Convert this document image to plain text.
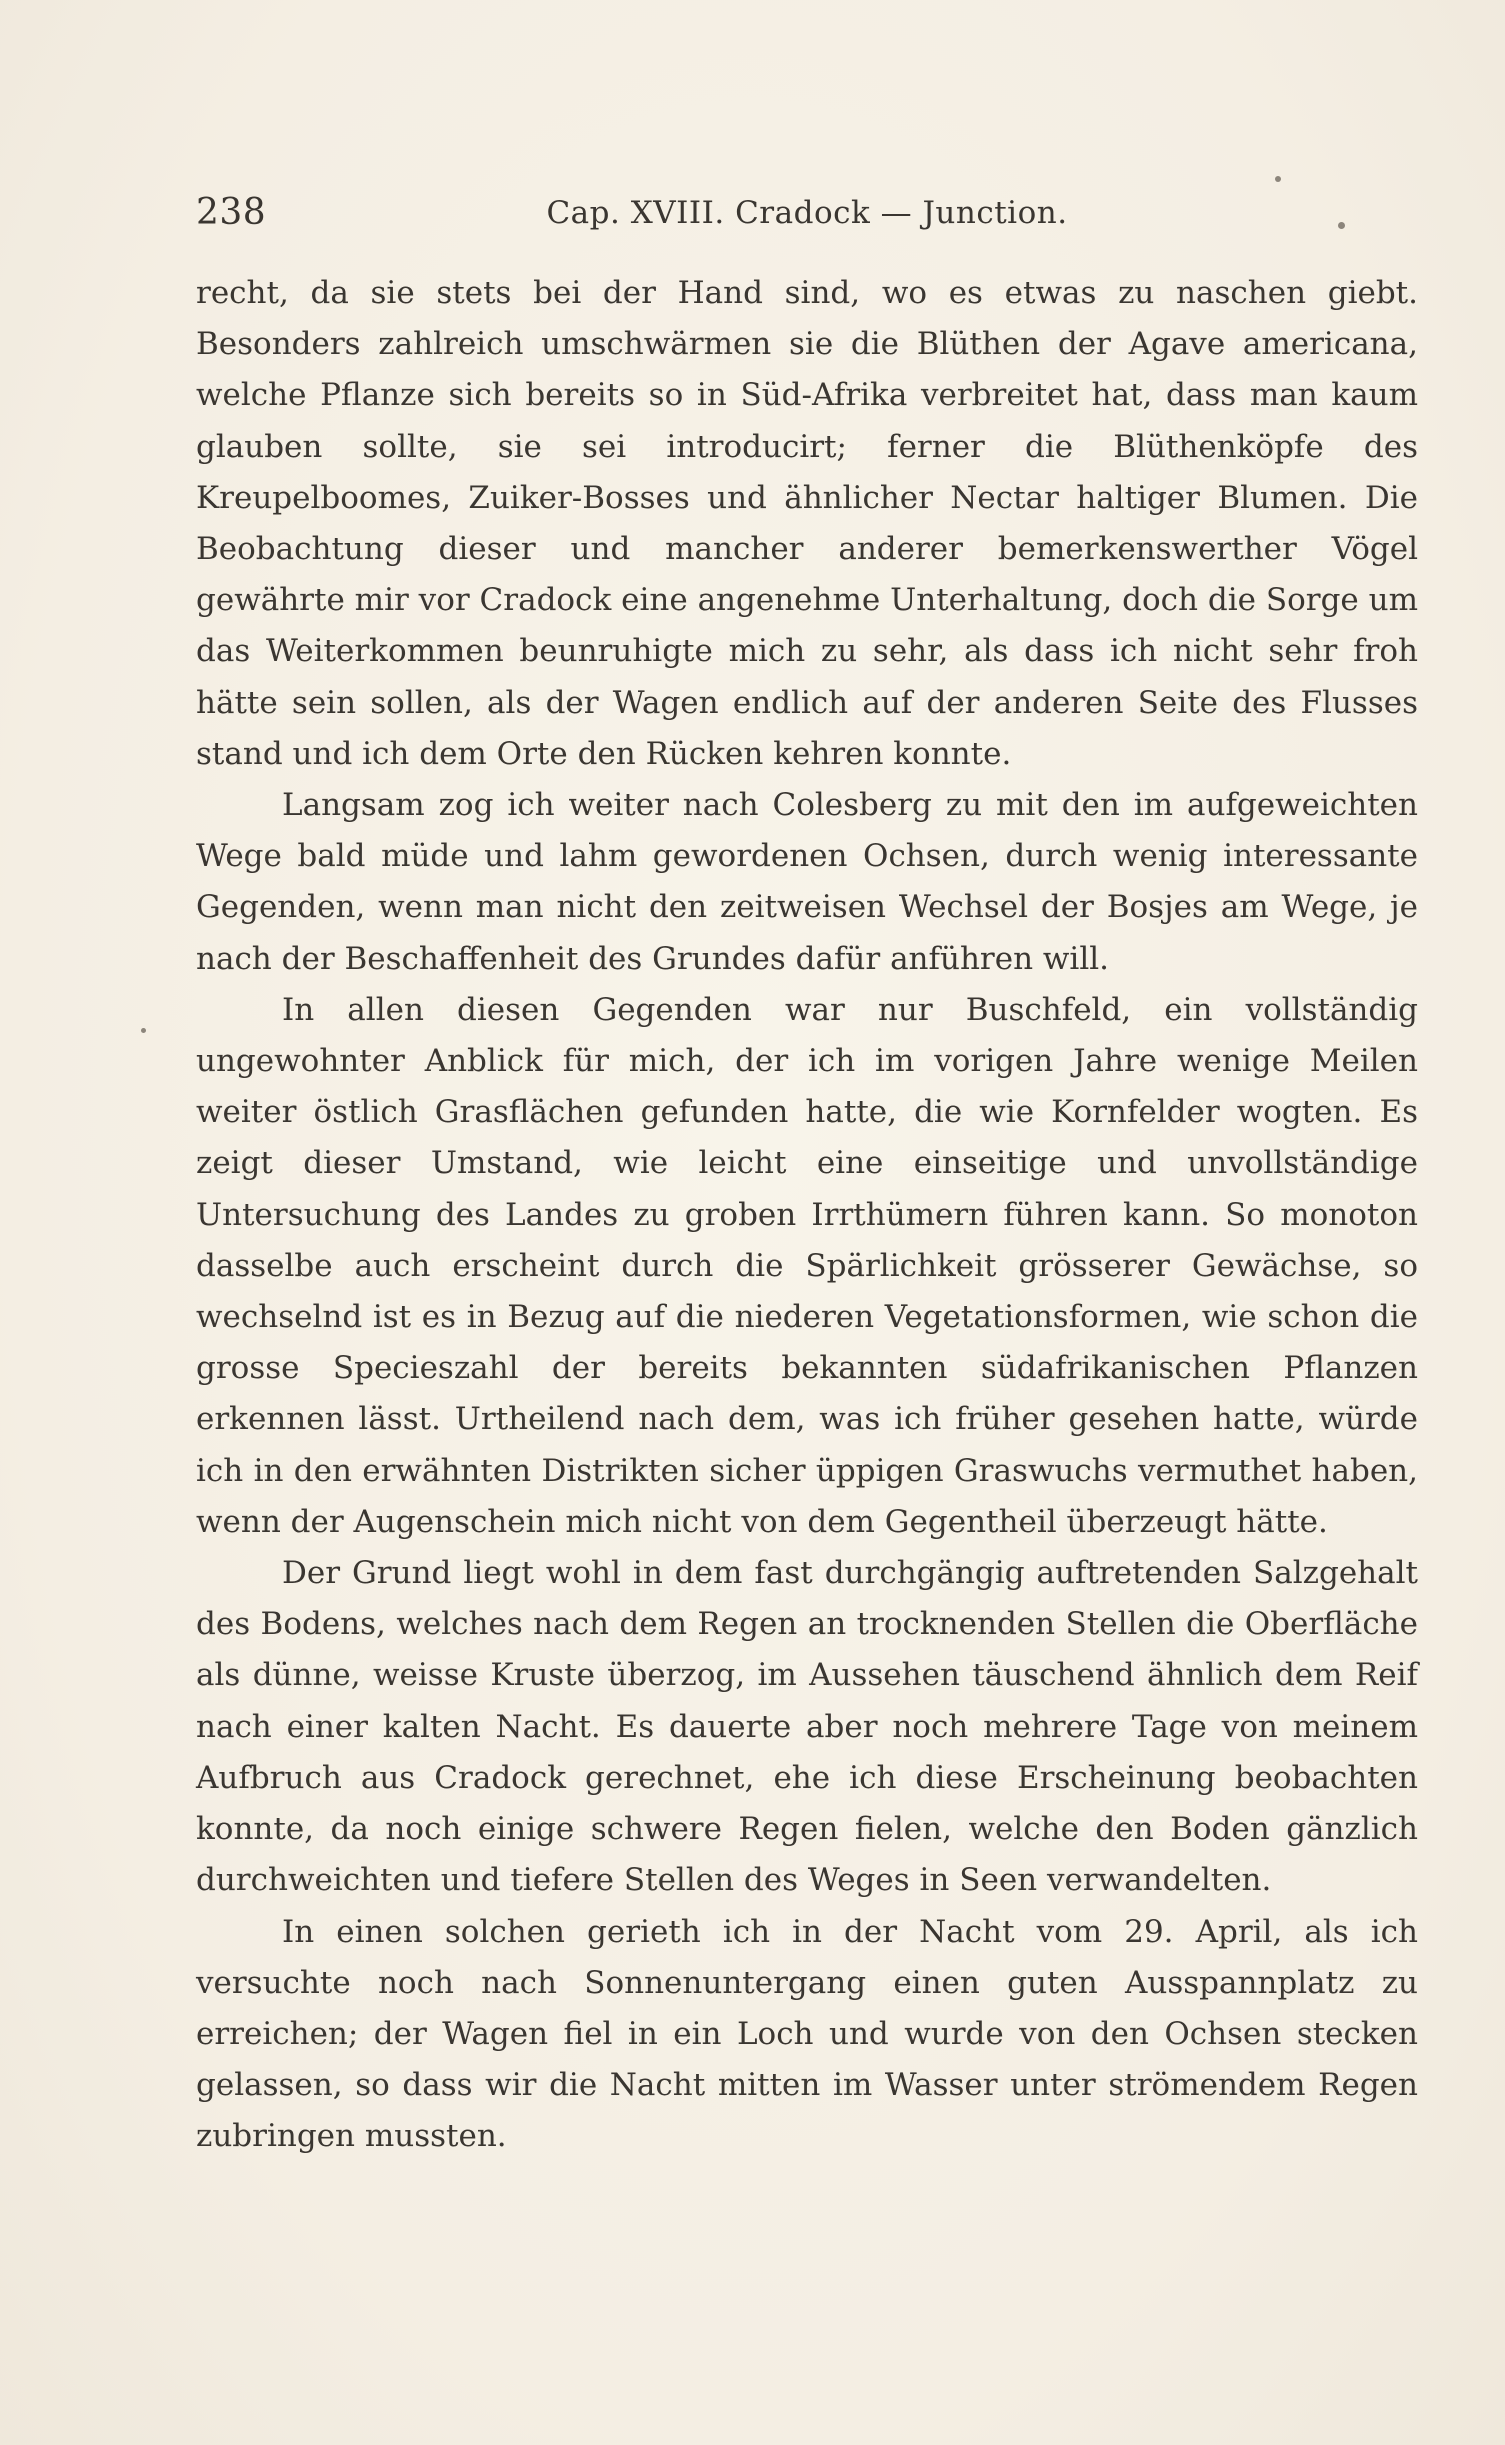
238	Cap. XVIII. Cradock — Junction.

recht, da sie stets bei der Hand sind, wo es etwas zu naschen giebt. Besonders zahlreich umschwärmen sie die Blüthen der Agave americana, welche Pflanze sich bereits so in Süd-Afrika verbreitet hat, dass man kaum glauben sollte, sie sei introducirt; ferner die Blüthenköpfe des Kreupelboomes, Zuiker-Bosses und ähnlicher Nectar haltiger Blumen. Die Beobachtung dieser und mancher anderer bemerkenswerther Vögel gewährte mir vor Cradock eine angenehme Unterhaltung, doch die Sorge um das Weiterkommen beunruhigte mich zu sehr, als dass ich nicht sehr froh hätte sein sollen, als der Wagen endlich auf der anderen Seite des Flusses stand und ich dem Orte den Rücken kehren konnte.

Langsam zog ich weiter nach Colesberg zu mit den im aufgeweichten Wege bald müde und lahm gewordenen Ochsen, durch wenig interessante Gegenden, wenn man nicht den zeitweisen Wechsel der Bosjes am Wege, je nach der Beschaffenheit des Grundes dafür anführen will.

In allen diesen Gegenden war nur Buschfeld, ein vollständig ungewohnter Anblick für mich, der ich im vorigen Jahre wenige Meilen weiter östlich Grasflächen gefunden hatte, die wie Kornfelder wogten. Es zeigt dieser Umstand, wie leicht eine einseitige und unvollständige Untersuchung des Landes zu groben Irrthümern führen kann. So monoton dasselbe auch erscheint durch die Spärlichkeit grösserer Gewächse, so wechselnd ist es in Bezug auf die niederen Vegetationsformen, wie schon die grosse Specieszahl der bereits bekannten südafrikanischen Pflanzen erkennen lässt. Urtheilend nach dem, was ich früher gesehen hatte, würde ich in den erwähnten Distrikten sicher üppigen Graswuchs vermuthet haben, wenn der Augenschein mich nicht von dem Gegentheil überzeugt hätte.

Der Grund liegt wohl in dem fast durchgängig auftretenden Salzgehalt des Bodens, welches nach dem Regen an trocknenden Stellen die Oberfläche als dünne, weisse Kruste überzog, im Aussehen täuschend ähnlich dem Reif nach einer kalten Nacht. Es dauerte aber noch mehrere Tage von meinem Aufbruch aus Cradock gerechnet, ehe ich diese Erscheinung beobachten konnte, da noch einige schwere Regen fielen, welche den Boden gänzlich durchweichten und tiefere Stellen des Weges in Seen verwandelten.

In einen solchen gerieth ich in der Nacht vom 29. April, als ich versuchte noch nach Sonnenuntergang einen guten Ausspannplatz zu erreichen; der Wagen fiel in ein Loch und wurde von den Ochsen stecken gelassen, so dass wir die Nacht mitten im Wasser unter strömendem Regen zubringen mussten.
